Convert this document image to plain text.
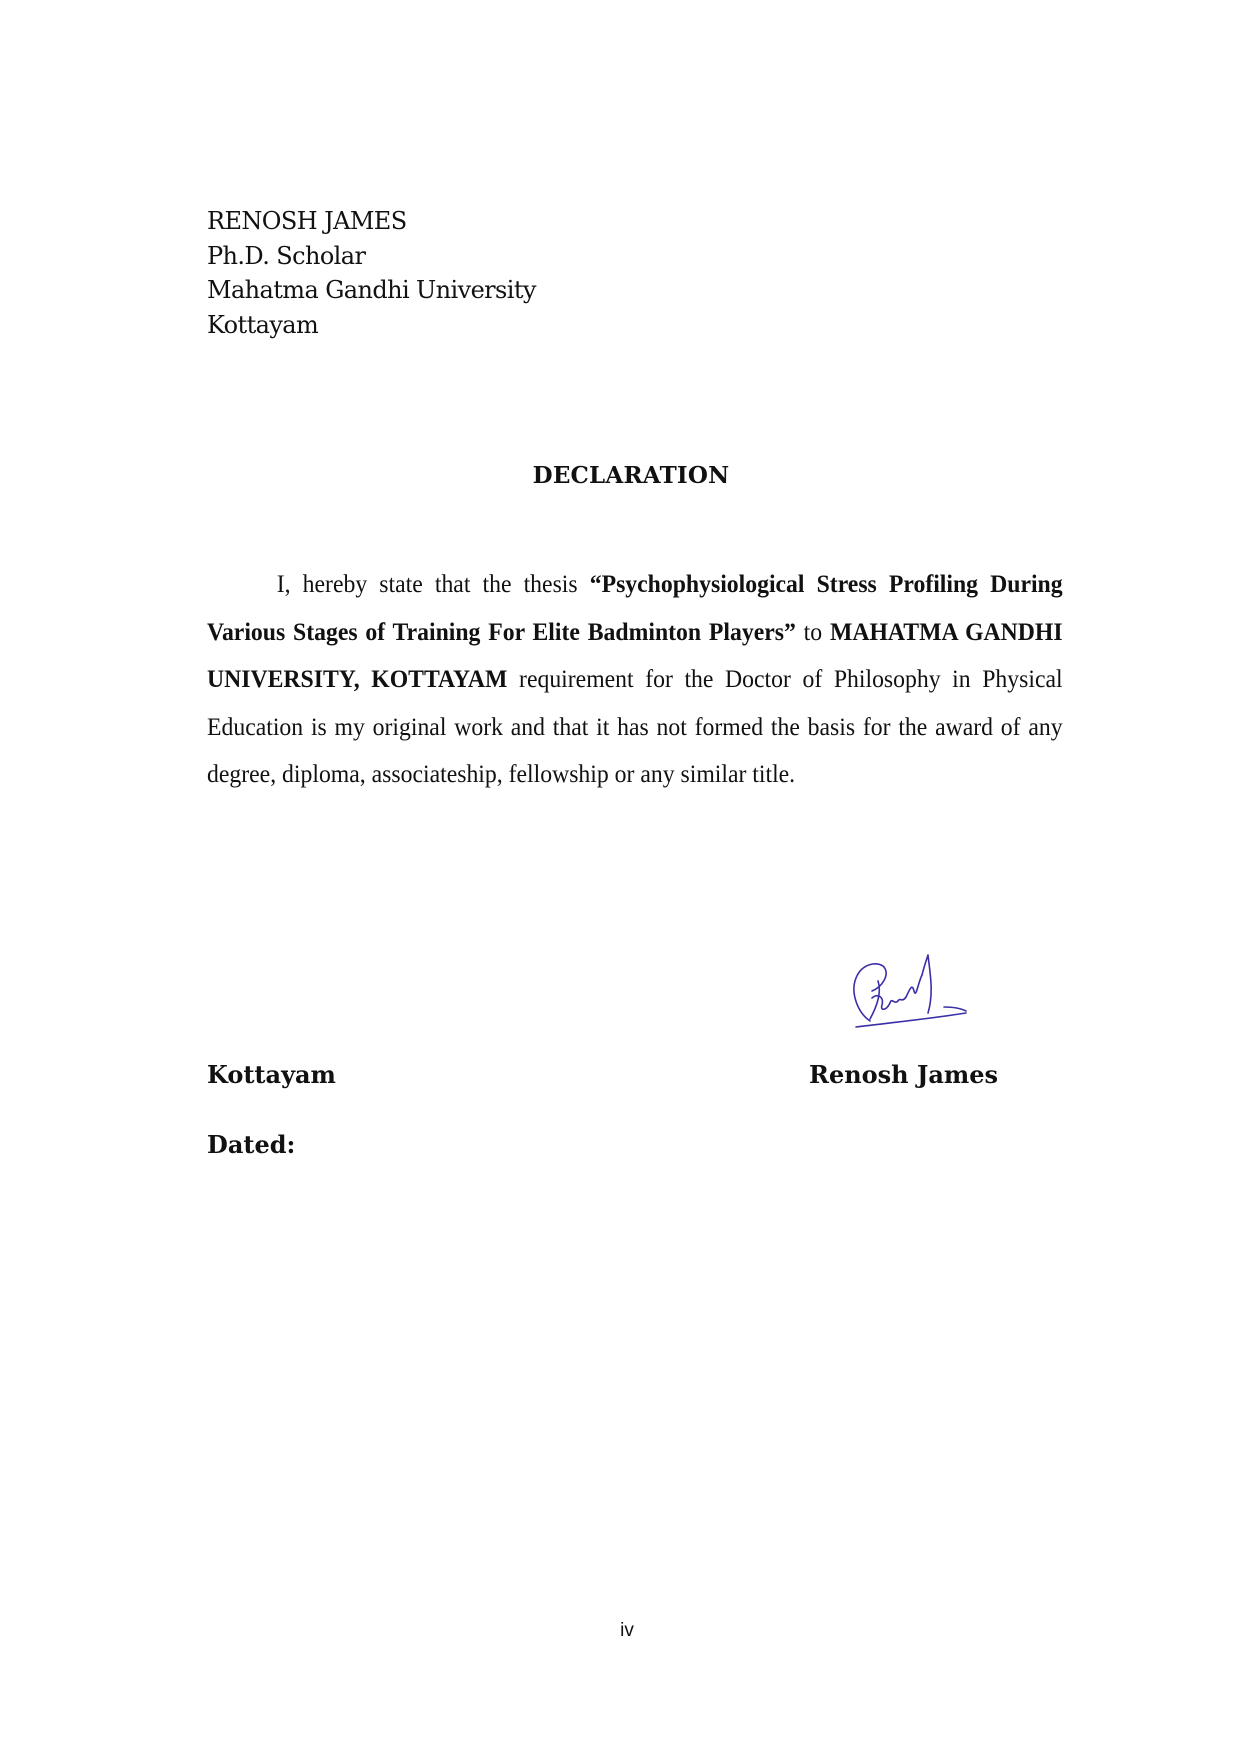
RENOSH JAMES
Ph.D. Scholar
Mahatma Gandhi University
Kottayam
DECLARATION
I, hereby state that the thesis “Psychophysiological Stress Profiling During Various Stages of Training For Elite Badminton Players” to MAHATMA GANDHI UNIVERSITY, KOTTAYAM requirement for the Doctor of Philosophy in Physical Education is my original work and that it has not formed the basis for the award of any degree, diploma, associateship, fellowship or any similar title.
Kottayam	Renosh James
Dated:
iv
